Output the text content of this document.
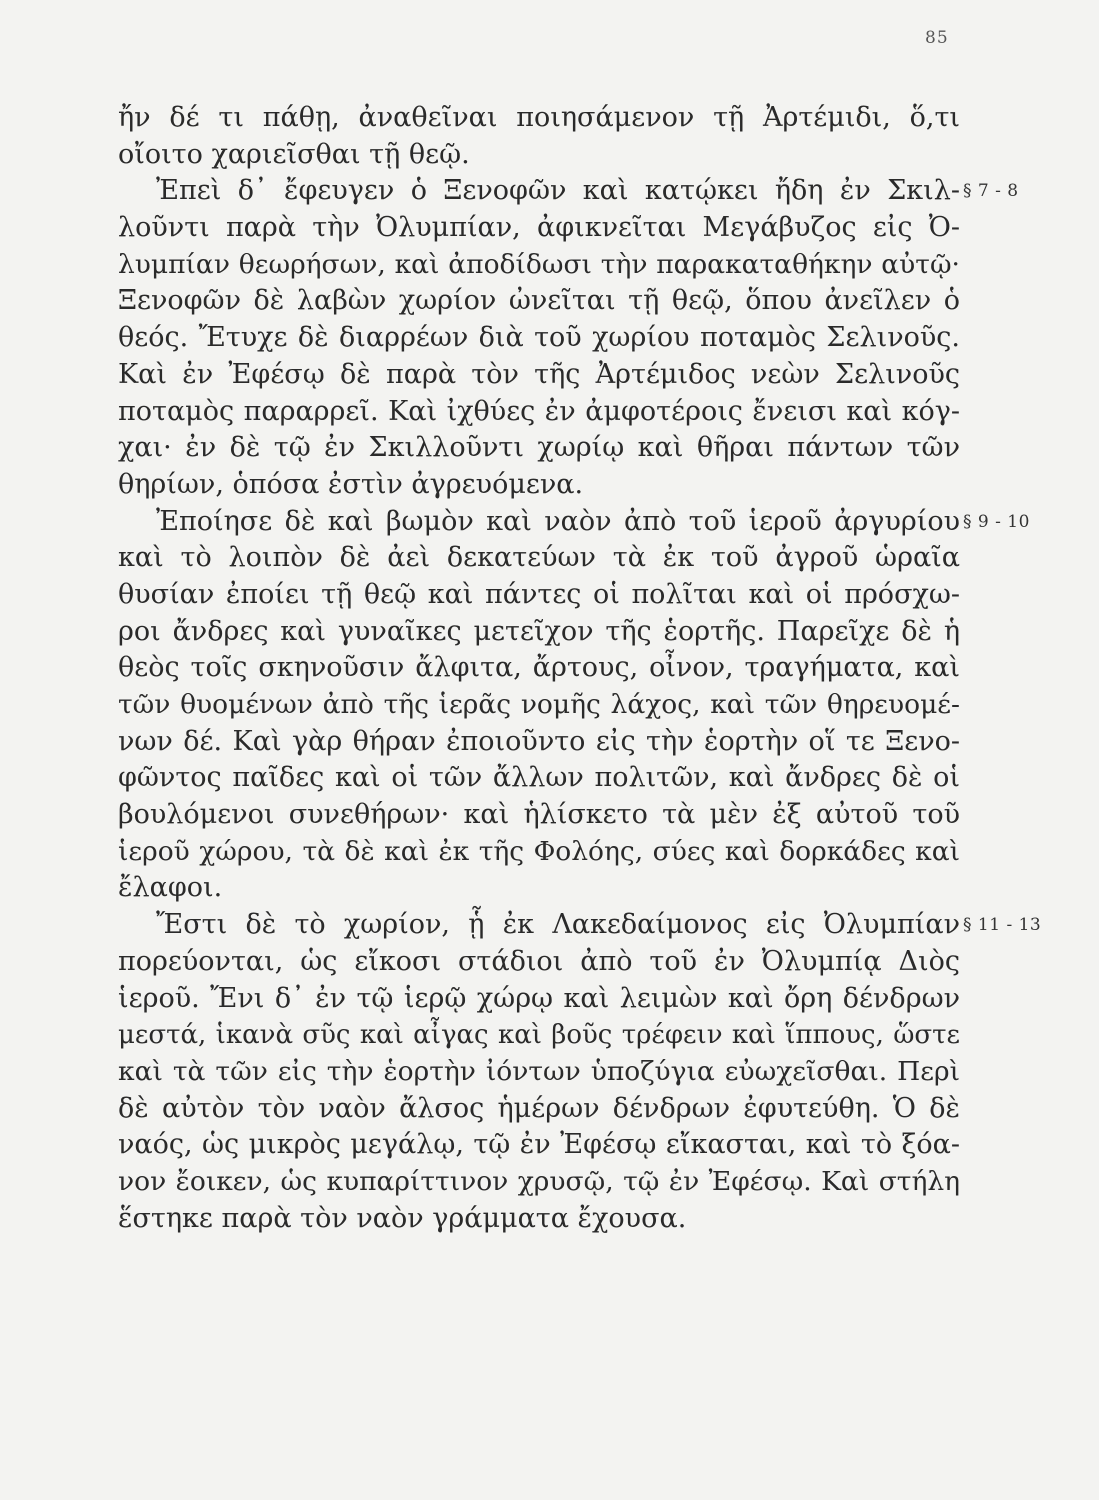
85
ἤν δέ τι πάθῃ, ἀναθεῖναι ποιησάμενον τῇ Ἀρτέμιδι, ὅ,τι
οἴοιτο χαριεῖσθαι τῇ θεῷ.
Ἐπεὶ δ᾽ ἔφευγεν ὁ Ξενοφῶν καὶ κατῴκει ἤδη ἐν Σκιλ- § 7 - 8
λοῦντι παρὰ τὴν Ὀλυμπίαν, ἀφικνεῖται Μεγάβυζος εἰς Ὀ-
λυμπίαν θεωρήσων, καὶ ἀποδίδωσι τὴν παρακαταθήκην αὐτῷ·
Ξενοφῶν δὲ λαβὼν χωρίον ὠνεῖται τῇ θεῷ, ὅπου ἀνεῖλεν ὁ
θεός. Ἔτυχε δὲ διαρρέων διὰ τοῦ χωρίου ποταμὸς Σελινοῦς.
Καὶ ἐν Ἐφέσῳ δὲ παρὰ τὸν τῆς Ἀρτέμιδος νεὼν Σελινοῦς
ποταμὸς παραρρεῖ. Καὶ ἰχθύες ἐν ἀμφοτέροις ἔνεισι καὶ κόγ-
χαι· ἐν δὲ τῷ ἐν Σκιλλοῦντι χωρίῳ καὶ θῆραι πάντων τῶν
θηρίων, ὁπόσα ἐστὶν ἀγρευόμενα.
Ἐποίησε δὲ καὶ βωμὸν καὶ ναὸν ἀπὸ τοῦ ἱεροῦ ἀργυρίου § 9 - 10
καὶ τὸ λοιπὸν δὲ ἀεὶ δεκατεύων τὰ ἐκ τοῦ ἀγροῦ ὡραῖα
θυσίαν ἐποίει τῇ θεῷ καὶ πάντες οἱ πολῖται καὶ οἱ πρόσχω-
ροι ἄνδρες καὶ γυναῖκες μετεῖχον τῆς ἑορτῆς. Παρεῖχε δὲ ἡ
θεὸς τοῖς σκηνοῦσιν ἄλφιτα, ἄρτους, οἶνον, τραγήματα, καὶ
τῶν θυομένων ἀπὸ τῆς ἱερᾶς νομῆς λάχος, καὶ τῶν θηρευομέ-
νων δέ. Καὶ γὰρ θήραν ἐποιοῦντο εἰς τὴν ἑορτὴν οἵ τε Ξενο-
φῶντος παῖδες καὶ οἱ τῶν ἄλλων πολιτῶν, καὶ ἄνδρες δὲ οἱ
βουλόμενοι συνεθήρων· καὶ ἡλίσκετο τὰ μὲν ἐξ αὐτοῦ τοῦ
ἱεροῦ χώρου, τὰ δὲ καὶ ἐκ τῆς Φολόης, σύες καὶ δορκάδες καὶ
ἔλαφοι.
Ἔστι δὲ τὸ χωρίον, ᾗ ἐκ Λακεδαίμονος εἰς Ὀλυμπίαν § 11 - 13
πορεύονται, ὡς εἴκοσι στάδιοι ἀπὸ τοῦ ἐν Ὀλυμπίᾳ Διὸς
ἱεροῦ. Ἔνι δ᾽ ἐν τῷ ἱερῷ χώρῳ καὶ λειμὼν καὶ ὄρη δένδρων
μεστά, ἱκανὰ σῦς καὶ αἶγας καὶ βοῦς τρέφειν καὶ ἵππους, ὥστε
καὶ τὰ τῶν εἰς τὴν ἑορτὴν ἰόντων ὑποζύγια εὐωχεῖσθαι. Περὶ
δὲ αὐτὸν τὸν ναὸν ἄλσος ἡμέρων δένδρων ἐφυτεύθη. Ὁ δὲ
ναός, ὡς μικρὸς μεγάλῳ, τῷ ἐν Ἐφέσῳ εἴκασται, καὶ τὸ ξόα-
νον ἔοικεν, ὡς κυπαρίττινον χρυσῷ, τῷ ἐν Ἐφέσῳ. Καὶ στήλη
ἕστηκε παρὰ τὸν ναὸν γράμματα ἔχουσα.
